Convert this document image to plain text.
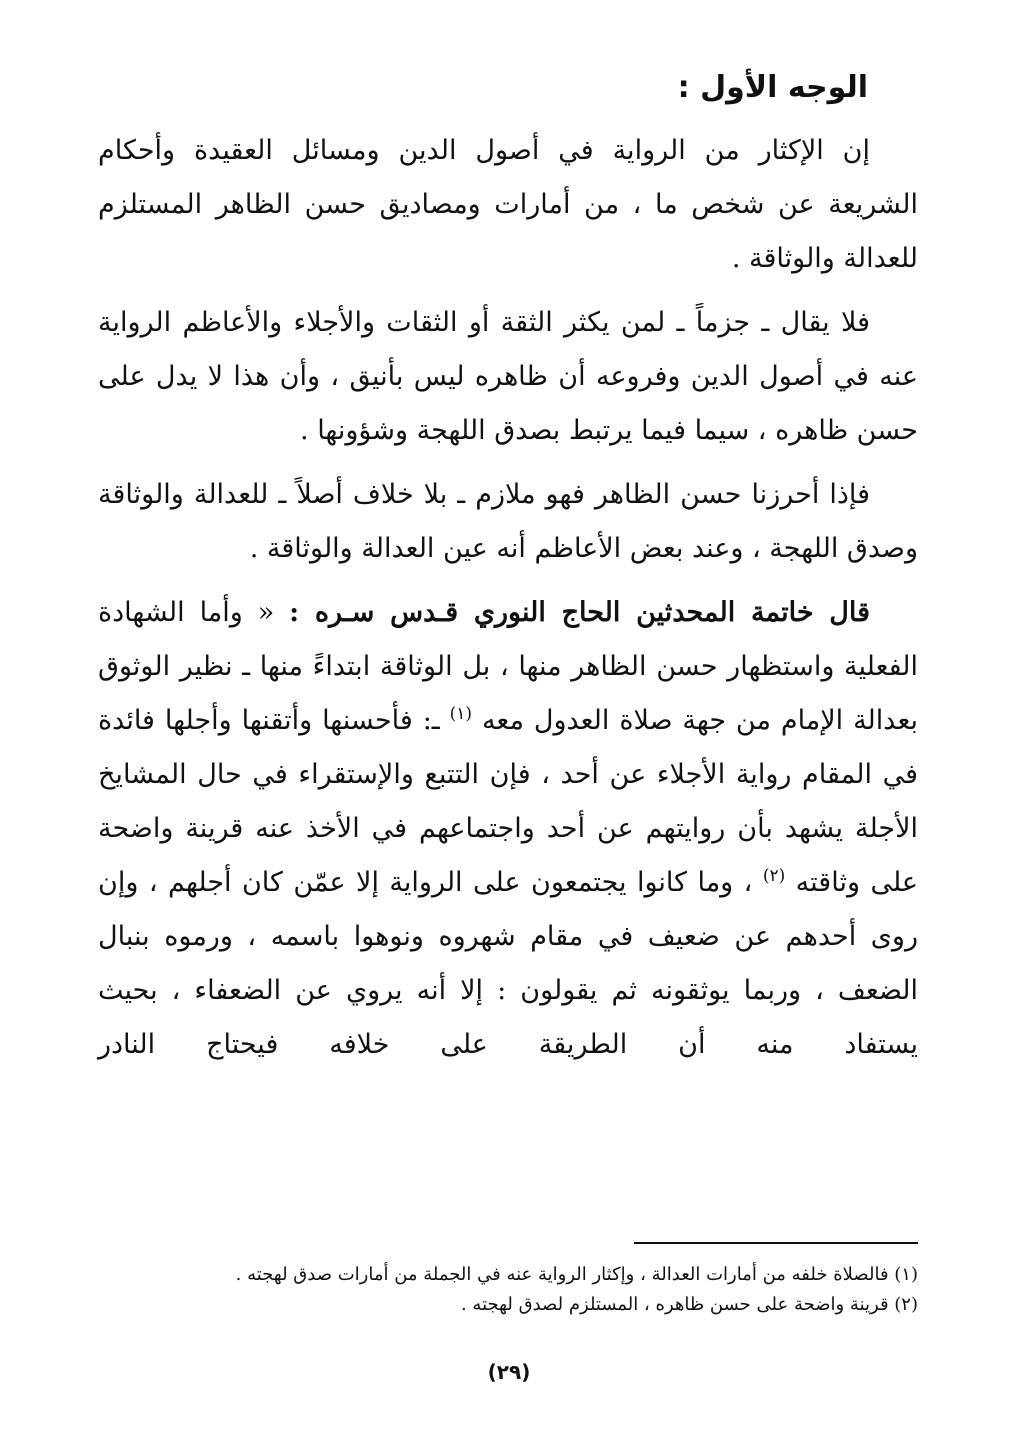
الوجه الأول :

إن الإكثار من الرواية في أصول الدين ومسائل العقيدة وأحكام الشريعة عن شخص ما ، من أمارات ومصاديق حسن الظاهر المستلزم للعدالة والوثاقة .

فلا يقال ـ جزماً ـ لمن يكثر الثقة أو الثقات والأجلاء والأعاظم الرواية عنه في أصول الدين وفروعه أن ظاهره ليس بأنيق ، وأن هذا لا يدل على حسن ظاهره ، سيما فيما يرتبط بصدق اللهجة وشؤونها .

فإذا أحرزنا حسن الظاهر فهو ملازم ـ بلا خلاف أصلاً ـ للعدالة والوثاقة وصدق اللهجة ، وعند بعض الأعاظم أنه عين العدالة والوثاقة .

قال خاتمة المحدثين الحاج النوري قـدس سـره : « وأما الشهادة الفعلية واستظهار حسن الظاهر منها ، بل الوثاقة ابتداءً منها ـ نظير الوثوق بعدالة الإمام من جهة صلاة العدول معه $^{(١)}$ ـ: فأحسنها وأتقنها وأجلها فائدة في المقام رواية الأجلاء عن أحد ، فإن التتبع والإستقراء في حال المشايخ الأجلة يشهد بأن روايتهم عن أحد واجتماعهم في الأخذ عنه قرينة واضحة على وثاقته $^{(٢)}$ ، وما كانوا يجتمعون على الرواية إلا عمّن كان أجلهم ، وإن روى أحدهم عن ضعيف في مقام شهروه ونوهوا باسمه ، ورموه بنبال الضعف ، وربما يوثقونه ثم يقولون : إلا أنه يروي عن الضعفاء ، بحيث يستفاد منه أن الطريقة على خلافه فيحتاج النادر

(١) فالصلاة خلفه من أمارات العدالة ، وإكثار الرواية عنه في الجملة من أمارات صدق لهجته .

(٢) قرينة واضحة على حسن ظاهره ، المستلزم لصدق لهجته .

(٢٩)
